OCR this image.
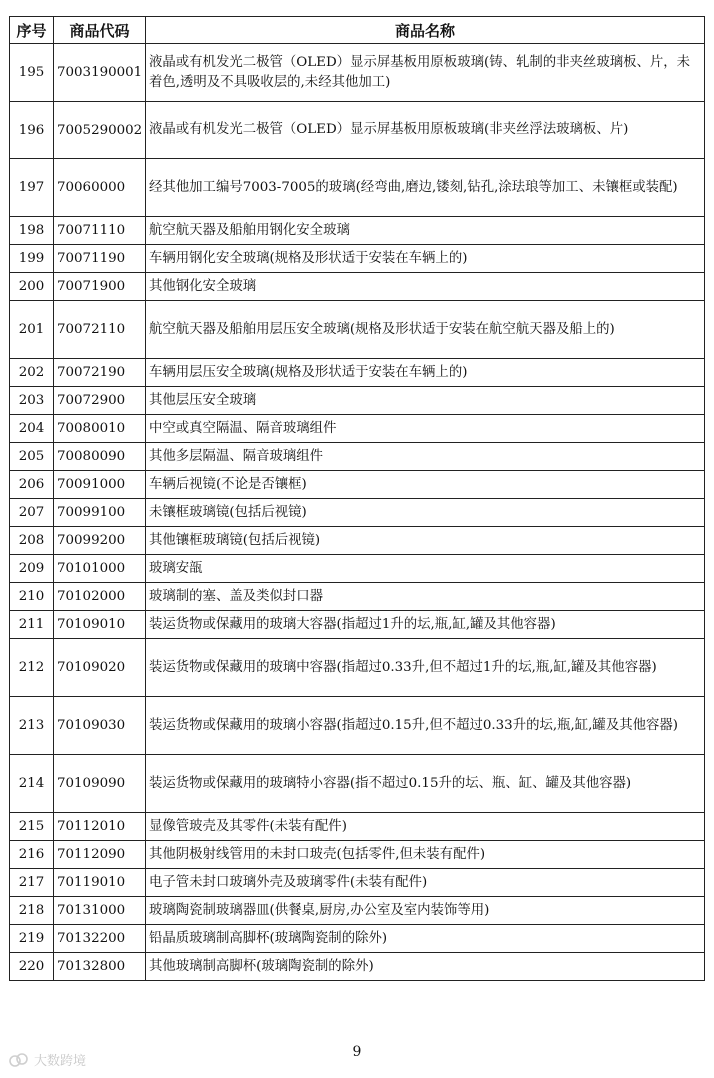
序号	商品代码	商品名称
195	7003190001	液晶或有机发光二极管（OLED）显示屏基板用原板玻璃(铸、轧制的非夹丝玻璃板、片，未着色,透明及不具吸收层的,未经其他加工)
196	7005290002	液晶或有机发光二极管（OLED）显示屏基板用原板玻璃(非夹丝浮法玻璃板、片)
197	70060000	经其他加工编号7003-7005的玻璃(经弯曲,磨边,镂刻,钻孔,涂珐琅等加工、未镶框或装配)
198	70071110	航空航天器及船舶用钢化安全玻璃
199	70071190	车辆用钢化安全玻璃(规格及形状适于安装在车辆上的)
200	70071900	其他钢化安全玻璃
201	70072110	航空航天器及船舶用层压安全玻璃(规格及形状适于安装在航空航天器及船上的)
202	70072190	车辆用层压安全玻璃(规格及形状适于安装在车辆上的)
203	70072900	其他层压安全玻璃
204	70080010	中空或真空隔温、隔音玻璃组件
205	70080090	其他多层隔温、隔音玻璃组件
206	70091000	车辆后视镜(不论是否镶框)
207	70099100	未镶框玻璃镜(包括后视镜)
208	70099200	其他镶框玻璃镜(包括后视镜)
209	70101000	玻璃安瓿
210	70102000	玻璃制的塞、盖及类似封口器
211	70109010	装运货物或保藏用的玻璃大容器(指超过1升的坛,瓶,缸,罐及其他容器)
212	70109020	装运货物或保藏用的玻璃中容器(指超过0.33升,但不超过1升的坛,瓶,缸,罐及其他容器)
213	70109030	装运货物或保藏用的玻璃小容器(指超过0.15升,但不超过0.33升的坛,瓶,缸,罐及其他容器)
214	70109090	装运货物或保藏用的玻璃特小容器(指不超过0.15升的坛、瓶、缸、罐及其他容器)
215	70112010	显像管玻壳及其零件(未装有配件)
216	70112090	其他阴极射线管用的未封口玻壳(包括零件,但未装有配件)
217	70119010	电子管未封口玻璃外壳及玻璃零件(未装有配件)
218	70131000	玻璃陶瓷制玻璃器皿(供餐桌,厨房,办公室及室内装饰等用)
219	70132200	铅晶质玻璃制高脚杯(玻璃陶瓷制的除外)
220	70132800	其他玻璃制高脚杯(玻璃陶瓷制的除外)
9
大数跨境
